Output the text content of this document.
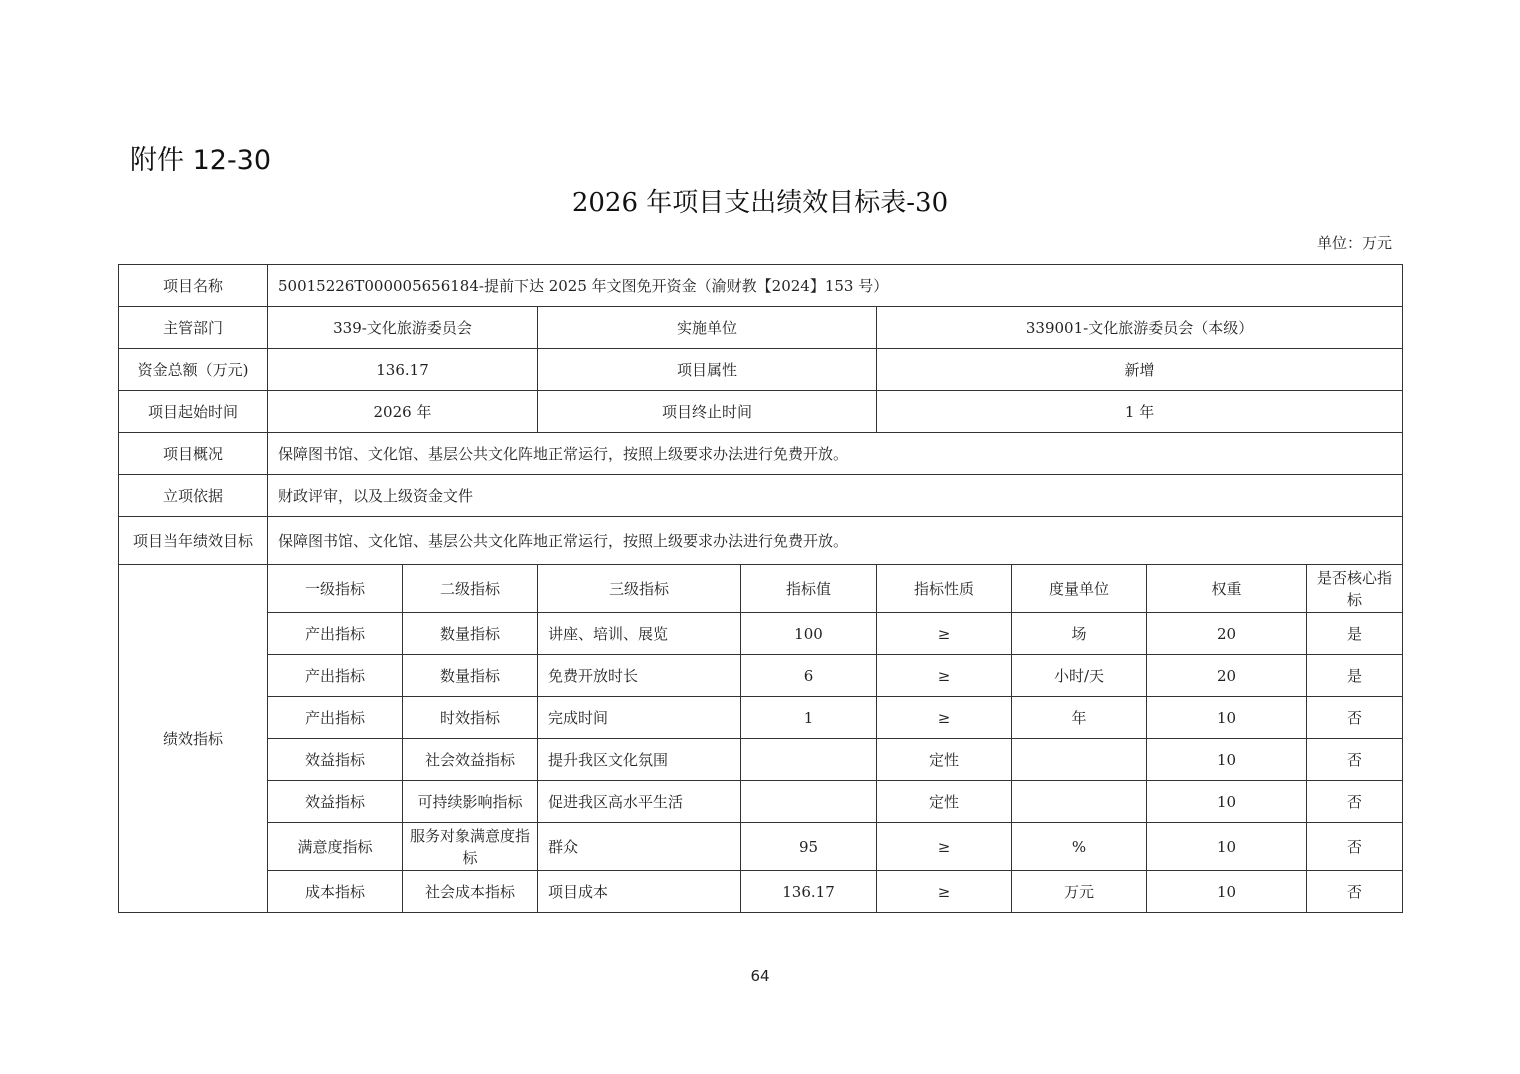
附件 12-30
2026 年项目支出绩效目标表-30
单位：万元
项目名称	50015226T000005656184-提前下达 2025 年文图免开资金（渝财教【2024】153 号）							
主管部门	339-文化旅游委员会		实施单位		339001-文化旅游委员会（本级）			
资金总额（万元)	136.17		项目属性		新增			
项目起始时间	2026 年		项目终止时间		1 年			
项目概况	保障图书馆、文化馆、基层公共文化阵地正常运行，按照上级要求办法进行免费开放。							
立项依据	财政评审，以及上级资金文件							
项目当年绩效目标	保障图书馆、文化馆、基层公共文化阵地正常运行，按照上级要求办法进行免费开放。							
绩效指标	一级指标	二级指标	三级指标	指标值	指标性质	度量单位	权重	是否核心指标
	产出指标	数量指标	讲座、培训、展览	100	≥	场	20	是
	产出指标	数量指标	免费开放时长	6	≥	小时/天	20	是
	产出指标	时效指标	完成时间	1	≥	年	10	否
	效益指标	社会效益指标	提升我区文化氛围		定性		10	否
	效益指标	可持续影响指标	促进我区高水平生活		定性		10	否
	满意度指标	服务对象满意度指标	群众	95	≥	%	10	否
	成本指标	社会成本指标	项目成本	136.17	≥	万元	10	否
64
